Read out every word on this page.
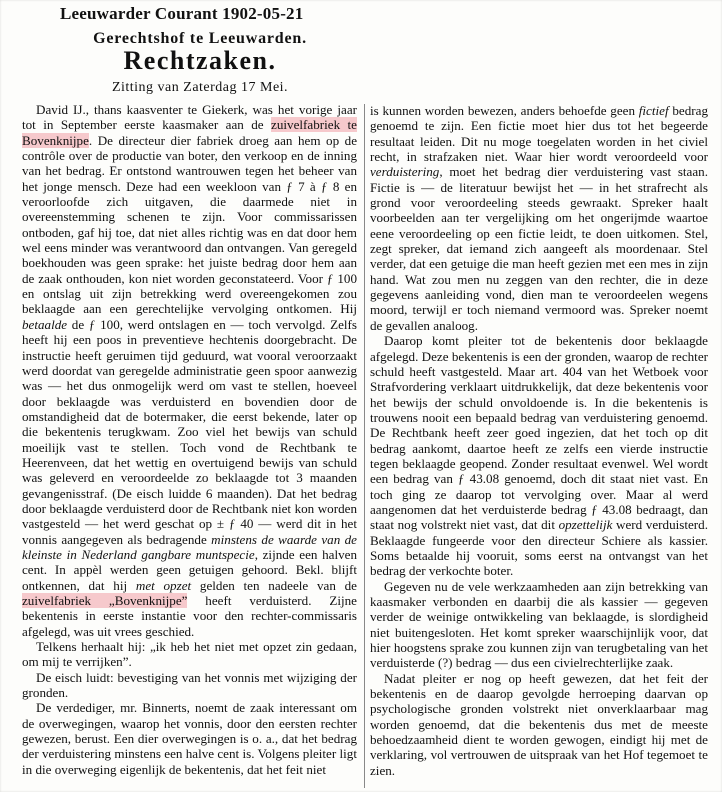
Leeuwarder Courant 1902-05-21
Gerechtshof te Leeuwarden.
Rechtzaken.
Zitting van Zaterdag 17 Mei.

David IJ., thans kaasventer te Giekerk, was het vorige jaar tot in September eerste kaasmaker aan de zuivelfabriek te Bovenknijpe. De directeur dier fabriek droeg aan hem op de contrôle over de productie van boter, den verkoop en de inning van het bedrag. Er ontstond wantrouwen tegen het beheer van het jonge mensch. Deze had een weekloon van ƒ 7 à ƒ 8 en veroorloofde zich uitgaven, die daarmede niet in overeenstemming schenen te zijn. Voor commissarissen ontboden, gaf hij toe, dat niet alles richtig was en dat door hem wel eens minder was verantwoord dan ontvangen. Van geregeld boekhouden was geen sprake: het juiste bedrag door hem aan de zaak onthouden, kon niet worden geconstateerd. Voor ƒ 100 en ontslag uit zijn betrekking werd overeengekomen zou beklaagde aan een gerechtelijke vervolging ontkomen. Hij betaalde de ƒ 100, werd ontslagen en — toch vervolgd. Zelfs heeft hij een poos in preventieve hechtenis doorgebracht. De instructie heeft geruimen tijd geduurd, wat vooral veroorzaakt werd doordat van geregelde administratie geen spoor aanwezig was — het dus onmogelijk werd om vast te stellen, hoeveel door beklaagde was verduisterd en bovendien door de omstandigheid dat de botermaker, die eerst bekende, later op die bekentenis terugkwam. Zoo viel het bewijs van schuld moeilijk vast te stellen. Toch vond de Rechtbank te Heerenveen, dat het wettig en overtuigend bewijs van schuld was geleverd en veroordeelde zo beklaagde tot 3 maanden gevangenisstraf. (De eisch luidde 6 maanden). Dat het bedrag door beklaagde verduisterd door de Rechtbank niet kon worden vastgesteld — het werd geschat op ± ƒ 40 — werd dit in het vonnis aangegeven als bedragende minstens de waarde van de kleinste in Nederland gangbare muntspecie, zijnde een halven cent. In appèl werden geen getuigen gehoord. Bekl. blijft ontkennen, dat hij met opzet gelden ten nadeele van de zuivelfabriek „Bovenknijpe” heeft verduisterd. Zijne bekentenis in eerste instantie voor den rechter-commissaris afgelegd, was uit vrees geschied.

Telkens herhaalt hij: „ik heb het niet met opzet zin gedaan, om mij te verrijken”.

De eisch luidt: bevestiging van het vonnis met wijziging der gronden.

De verdediger, mr. Binnerts, noemt de zaak interessant om de overwegingen, waarop het vonnis, door den eersten rechter gewezen, berust. Een dier overwegingen is o. a., dat het bedrag der verduistering minstens een halve cent is. Volgens pleiter ligt in die overweging eigenlijk de bekentenis, dat het feit niet

is kunnen worden bewezen, anders behoefde geen fictief bedrag genoemd te zijn. Een fictie moet hier dus tot het begeerde resultaat leiden. Dit nu moge toegelaten worden in het civiel recht, in strafzaken niet. Waar hier wordt veroordeeld voor verduistering, moet het bedrag dier verduistering vast staan. Fictie is — de literatuur bewijst het — in het strafrecht als grond voor veroordeeling steeds gewraakt. Spreker haalt voorbeelden aan ter vergelijking om het ongerijmde waartoe eene veroordeeling op een fictie leidt, te doen uitkomen. Stel, zegt spreker, dat iemand zich aangeeft als moordenaar. Stel verder, dat een getuige die man heeft gezien met een mes in zijn hand. Wat zou men nu zeggen van den rechter, die in deze gegevens aanleiding vond, dien man te veroordeelen wegens moord, terwijl er toch niemand vermoord was. Spreker noemt de gevallen analoog.

Daarop komt pleiter tot de bekentenis door beklaagde afgelegd. Deze bekentenis is een der gronden, waarop de rechter schuld heeft vastgesteld. Maar art. 404 van het Wetboek voor Strafvordering verklaart uitdrukkelijk, dat deze bekentenis voor het bewijs der schuld onvoldoende is. In die bekentenis is trouwens nooit een bepaald bedrag van verduistering genoemd. De Rechtbank heeft zeer goed ingezien, dat het toch op dit bedrag aankomt, daartoe heeft ze zelfs een vierde instructie tegen beklaagde geopend. Zonder resultaat evenwel. Wel wordt een bedrag van ƒ 43.08 genoemd, doch dit staat niet vast. En toch ging ze daarop tot vervolging over. Maar al werd aangenomen dat het verduisterde bedrag ƒ 43.08 bedraagt, dan staat nog volstrekt niet vast, dat dit opzettelijk werd verduisterd. Beklaagde fungeerde voor den directeur Schiere als kassier. Soms betaalde hij vooruit, soms eerst na ontvangst van het bedrag der verkochte boter.

Gegeven nu de vele werkzaamheden aan zijn betrekking van kaasmaker verbonden en daarbij die als kassier — gegeven verder de weinige ontwikkeling van beklaagde, is slordigheid niet buitengesloten. Het komt spreker waarschijnlijk voor, dat hier hoogstens sprake zou kunnen zijn van terugbetaling van het verduisterde (?) bedrag — dus een civielrechterlijke zaak.

Nadat pleiter er nog op heeft gewezen, dat het feit der bekentenis en de daarop gevolgde herroeping daarvan op psychologische gronden volstrekt niet onverklaarbaar mag worden genoemd, dat die bekentenis dus met de meeste behoedzaamheid dient te worden gewogen, eindigt hij met de verklaring, vol vertrouwen de uitspraak van het Hof tegemoet te zien.
